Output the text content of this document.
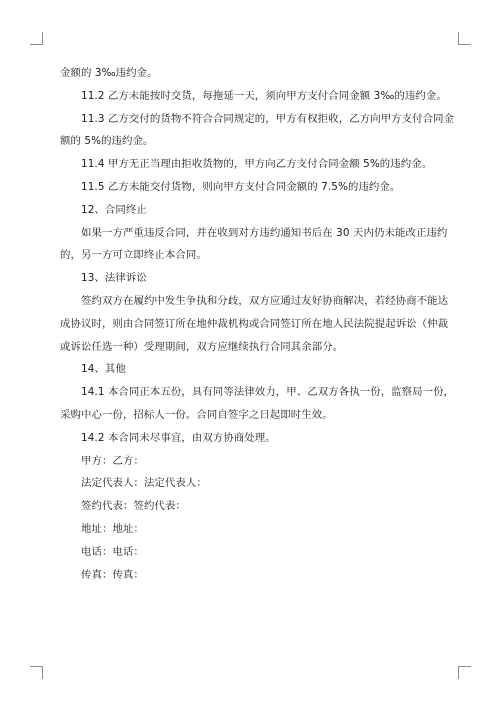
金额的 3‰违约金。
11.2 乙方未能按时交货，每拖延一天，须向甲方支付合同金额 3‰的违约金。
11.3 乙方交付的货物不符合合同规定的，甲方有权拒收，乙方向甲方支付合同金
额的 5%的违约金。
11.4 甲方无正当理由拒收货物的，甲方向乙方支付合同金额 5%的违约金。
11.5 乙方未能交付货物，则向甲方支付合同金额的 7.5%的违约金。
12、合同终止
如果一方严重违反合同，并在收到对方违约通知书后在 30 天内仍未能改正违约
的，另一方可立即终止本合同。
13、法律诉讼
签约双方在履约中发生争执和分歧，双方应通过友好协商解决，若经协商不能达
成协议时，则由合同签订所在地仲裁机构或合同签订所在地人民法院提起诉讼（仲裁
或诉讼任选一种）受理期间，双方应继续执行合同其余部分。
14、其他
14.1 本合同正本五份，具有同等法律效力，甲、乙双方各执一份，监察局一份，
采购中心一份，招标人一份。合同自签字之日起即时生效。
14.2 本合同未尽事宜，由双方协商处理。
甲方：乙方：
法定代表人：法定代表人：
签约代表：签约代表：
地址：地址：
电话：电话：
传真：传真：
